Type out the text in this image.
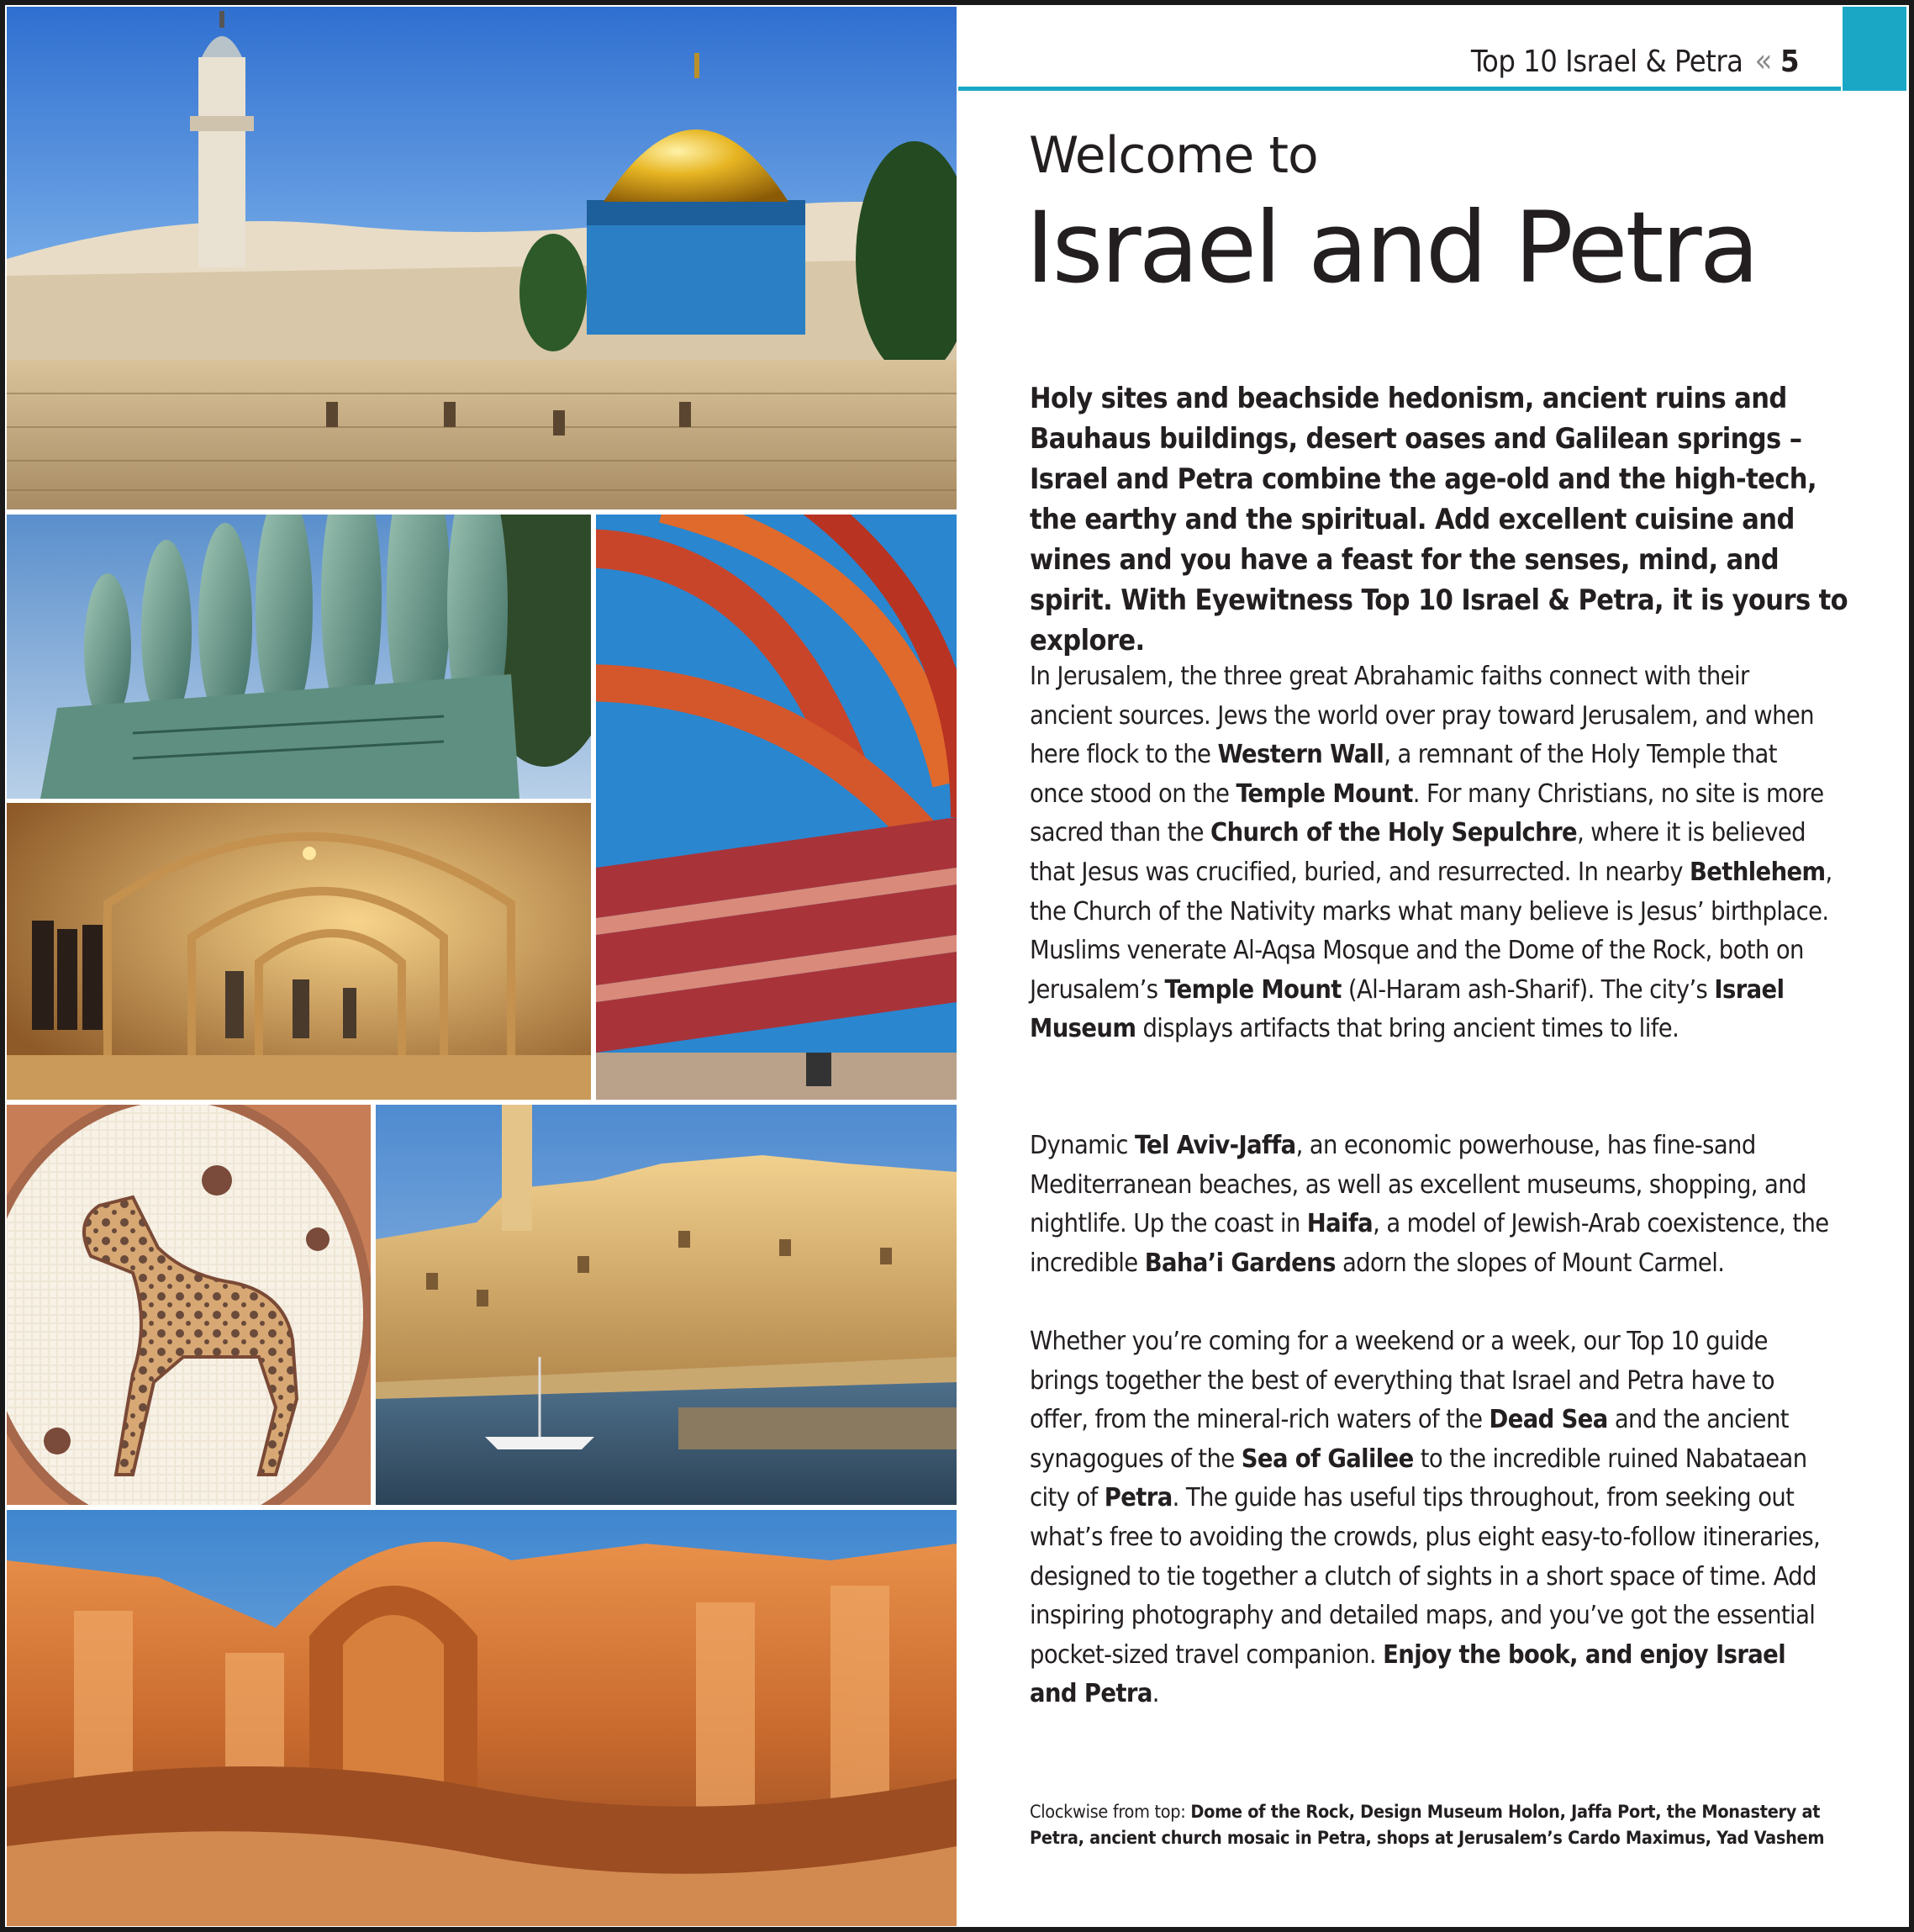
Top 10 Israel & Petra « 5
Welcome to
Israel and Petra
Holy sites and beachside hedonism, ancient ruins and Bauhaus buildings, desert oases and Galilean springs – Israel and Petra combine the age-old and the high-tech, the earthy and the spiritual. Add excellent cuisine and wines and you have a feast for the senses, mind, and spirit. With Eyewitness Top 10 Israel & Petra, it is yours to explore.
In Jerusalem, the three great Abrahamic faiths connect with their ancient sources. Jews the world over pray toward Jerusalem, and when here flock to the Western Wall, a remnant of the Holy Temple that once stood on the Temple Mount. For many Christians, no site is more sacred than the Church of the Holy Sepulchre, where it is believed that Jesus was crucified, buried, and resurrected. In nearby Bethlehem, the Church of the Nativity marks what many believe is Jesus’ birthplace. Muslims venerate Al-Aqsa Mosque and the Dome of the Rock, both on Jerusalem’s Temple Mount (Al-Haram ash-Sharif). The city’s Israel Museum displays artifacts that bring ancient times to life.
Dynamic Tel Aviv-Jaffa, an economic powerhouse, has fine-sand Mediterranean beaches, as well as excellent museums, shopping, and nightlife. Up the coast in Haifa, a model of Jewish-Arab coexistence, the incredible Baha’i Gardens adorn the slopes of Mount Carmel.
Whether you’re coming for a weekend or a week, our Top 10 guide brings together the best of everything that Israel and Petra have to offer, from the mineral-rich waters of the Dead Sea and the ancient synagogues of the Sea of Galilee to the incredible ruined Nabataean city of Petra. The guide has useful tips throughout, from seeking out what’s free to avoiding the crowds, plus eight easy-to-follow itineraries, designed to tie together a clutch of sights in a short space of time. Add inspiring photography and detailed maps, and you’ve got the essential pocket-sized travel companion. Enjoy the book, and enjoy Israel and Petra.
Clockwise from top: Dome of the Rock, Design Museum Holon, Jaffa Port, the Monastery at Petra, ancient church mosaic in Petra, shops at Jerusalem’s Cardo Maximus, Yad Vashem
